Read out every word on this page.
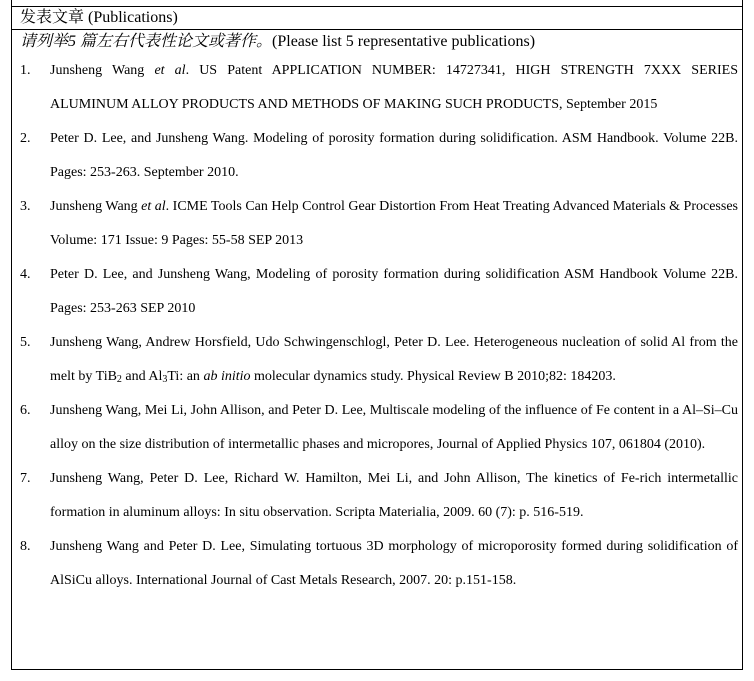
发表文章 (Publications)
请列举5 篇左右代表性论文或著作。(Please list 5 representative publications)
1.	Junsheng Wang et al. US Patent APPLICATION NUMBER: 14727341, HIGH STRENGTH 7XXX SERIES ALUMINUM ALLOY PRODUCTS AND METHODS OF MAKING SUCH PRODUCTS, September 2015
2.	Peter D. Lee, and Junsheng Wang. Modeling of porosity formation during solidification. ASM Handbook. Volume 22B. Pages: 253-263. September 2010.
3.	Junsheng Wang et al. ICME Tools Can Help Control Gear Distortion From Heat Treating Advanced Materials & Processes Volume: 171 Issue: 9 Pages: 55-58 SEP 2013
4.	Peter D. Lee, and Junsheng Wang, Modeling of porosity formation during solidification ASM Handbook Volume 22B. Pages: 253-263 SEP 2010
5.	Junsheng Wang, Andrew Horsfield, Udo Schwingenschlogl, Peter D. Lee. Heterogeneous nucleation of solid Al from the melt by TiB$_2$ and $Al_3Ti$: an ab initio molecular dynamics study. Physical Review B 2010;82: 184203.
6.	Junsheng Wang, Mei Li, John Allison, and Peter D. Lee, Multiscale modeling of the influence of Fe content in a Al–Si–Cu alloy on the size distribution of intermetallic phases and micropores, Journal of Applied Physics 107, 061804 (2010).
7.	Junsheng Wang, Peter D. Lee, Richard W. Hamilton, Mei Li, and John Allison, The kinetics of Fe-rich intermetallic formation in aluminum alloys: In situ observation. Scripta Materialia, 2009. 60 (7): p. 516-519.
8.	Junsheng Wang and Peter D. Lee, Simulating tortuous 3D morphology of microporosity formed during solidification of AlSiCu alloys. International Journal of Cast Metals Research, 2007. 20: p.151-158.
